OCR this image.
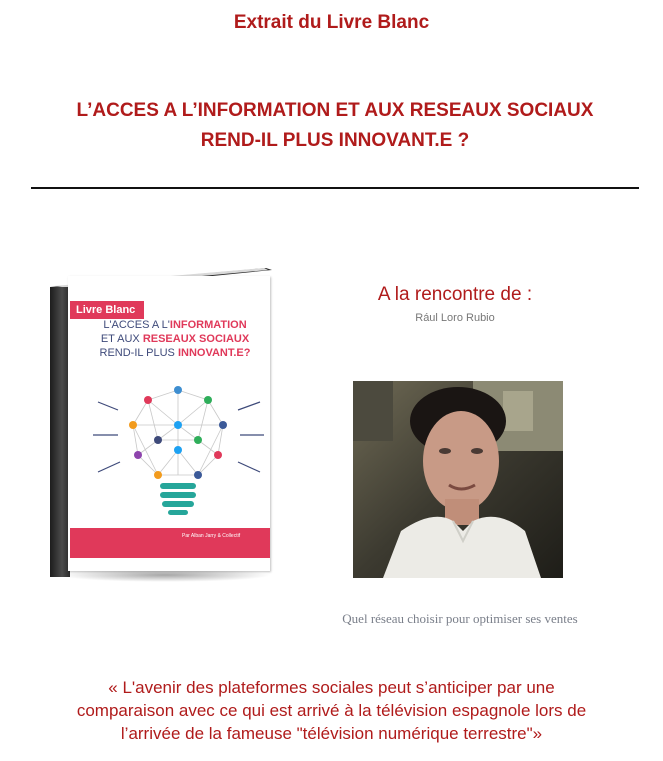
Extrait du Livre Blanc
L’ACCES A L’INFORMATION ET AUX RESEAUX SOCIAUX
REND-IL PLUS INNOVANT.E ?
Livre Blanc
L'ACCES A L'INFORMATION
ET AUX RESEAUX SOCIAUX
REND-IL PLUS INNOVANT.E?
Par Alban Jarry & Collectif
A la rencontre de :
Rául Loro Rubio
Quel réseau choisir pour optimiser ses ventes
« L'avenir des plateformes sociales peut s’anticiper par une
comparaison avec ce qui est arrivé à la télévision espagnole lors de
l’arrivée de la fameuse "télévision numérique terrestre"»
